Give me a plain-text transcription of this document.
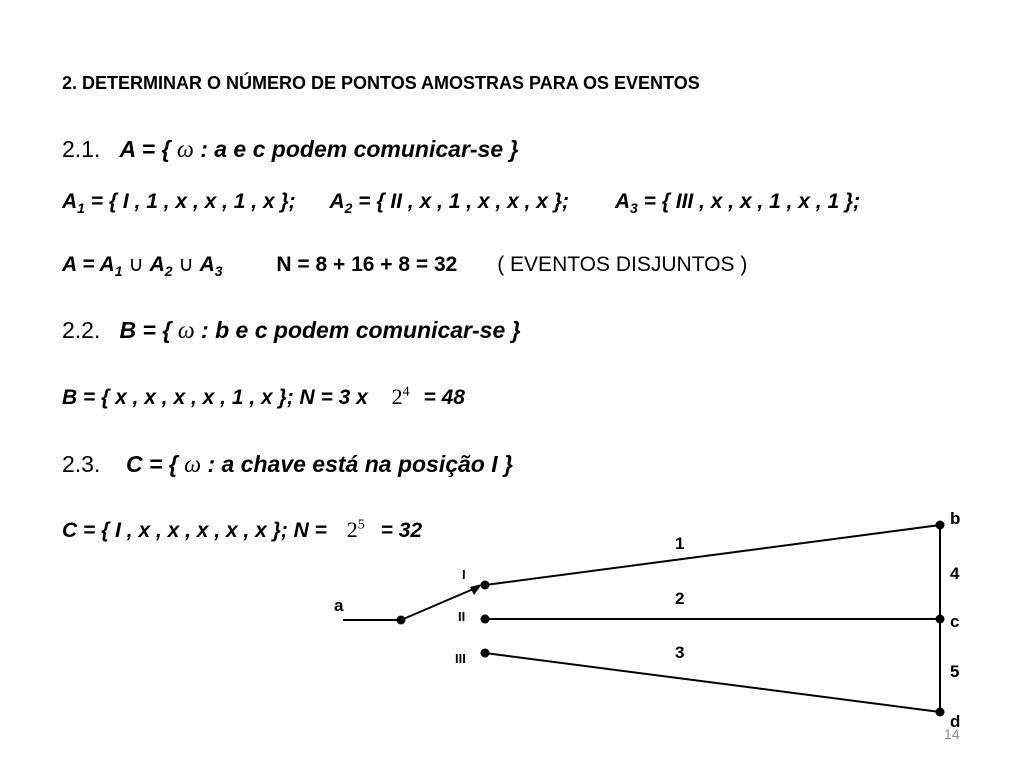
2. DETERMINAR O NÚMERO DE PONTOS AMOSTRAS PARA OS EVENTOS
2.1. A = { ω : a e c podem comunicar-se }
$A_1$ = { I , 1 , x , x , 1 , x }; $A_2$ = { II , x , 1 , x , x , x }; $A_3$ = { III , x , x , 1 , x , 1 };
$A = A_1$ ∪ $A_2$ ∪ $A_3$	N = 8 + 16 + 8 = 32 ( EVENTOS DISJUNTOS )
2.2. B = { ω : b e c podem comunicar-se }
B = { x , x , x , x , 1 , x }; N = 3 x $2^4 = 48$
2.3. C = { ω : a chave está na posição I }
C = { I , x , x , x , x , x }; $N = 2^5 = 32$
a
I
II
III
1
2
3
b
4
c
5
d
14
